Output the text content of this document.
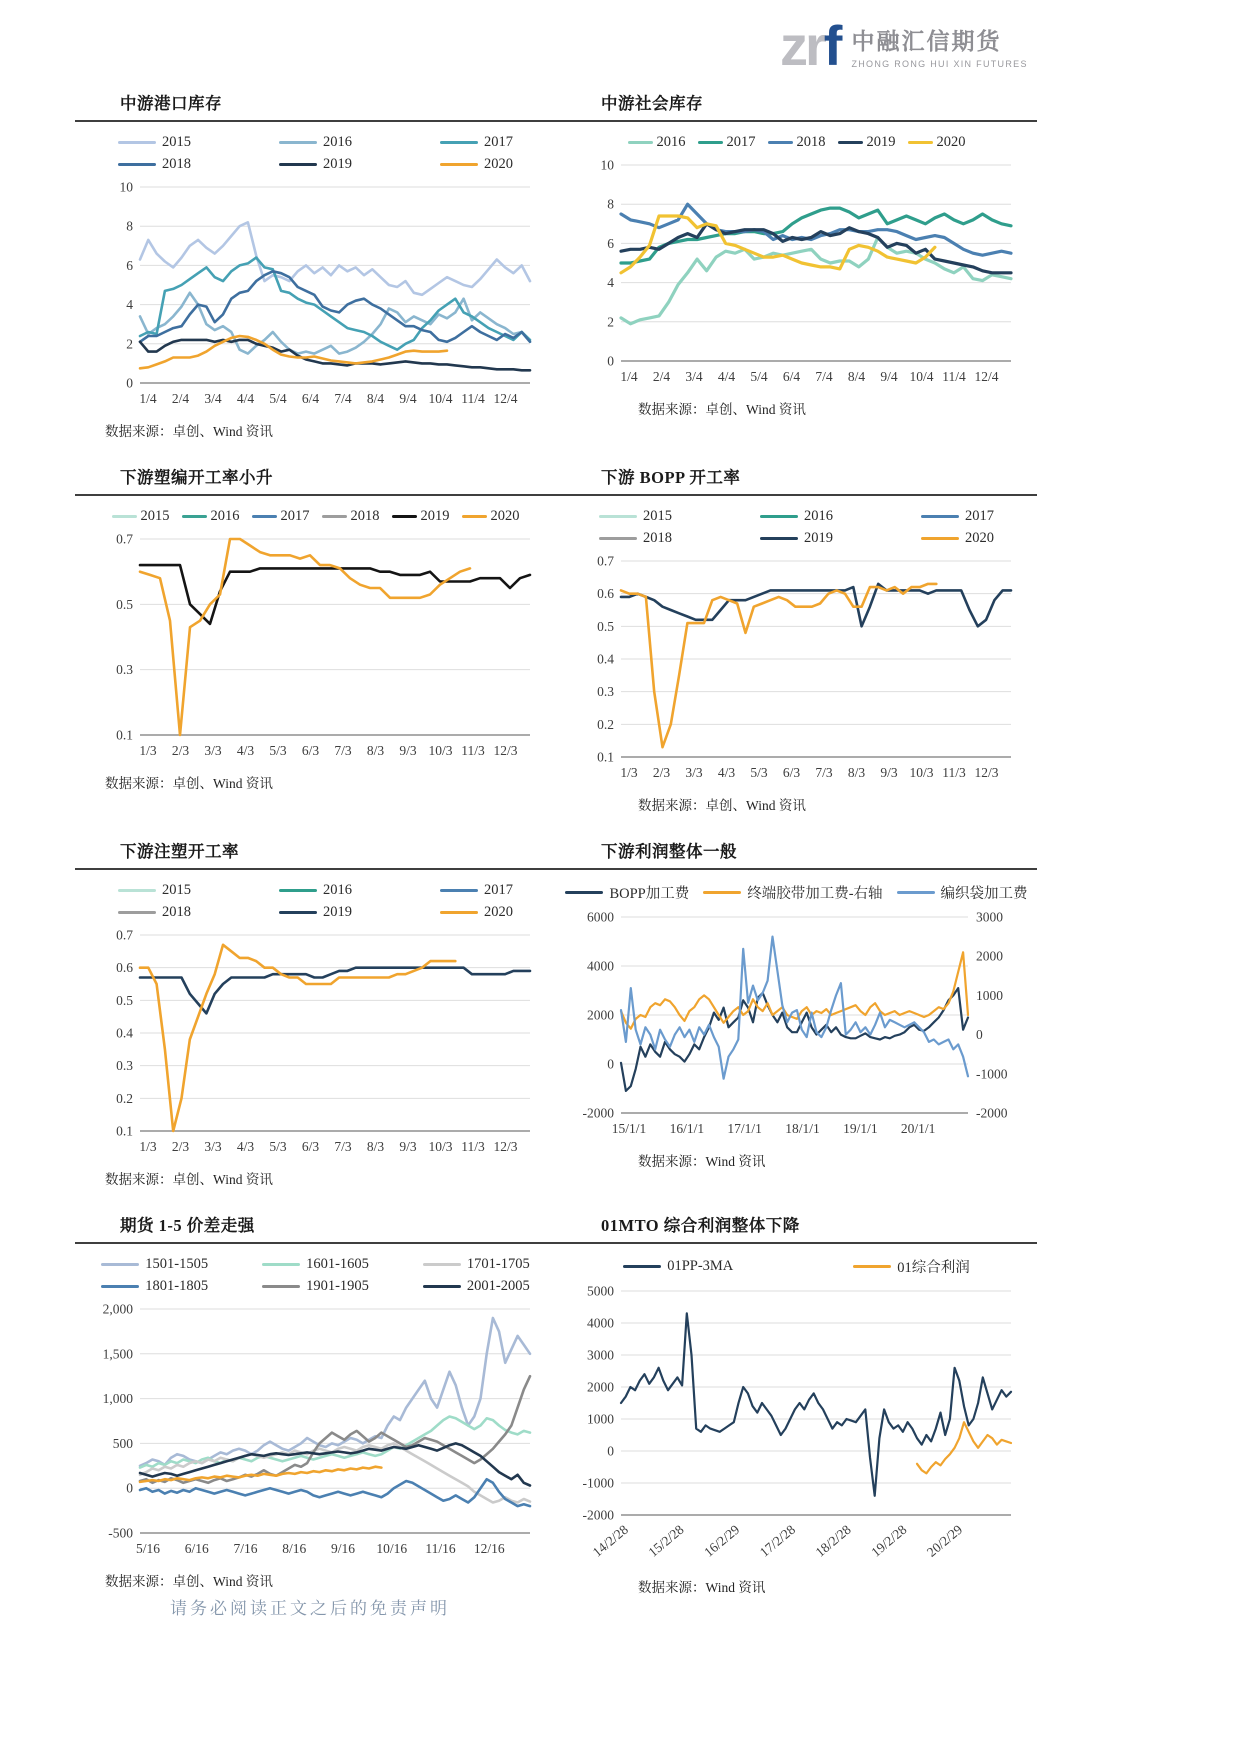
zrf 中融汇信期货
ZHONG RONG HUI XIN FUTURES
中游港口库存
2015	2016	2017
2018	2019	2020
0
2
4
6
8
10
1/4 2/4 3/4 4/4 5/4 6/4 7/4 8/4 9/4 10/4 11/4 12/4
数据来源：卓创、Wind 资讯
中游社会库存
2016	2017	2018	2019	2020
0
2
4
6
8
10
1/4 2/4 3/4 4/4 5/4 6/4 7/4 8/4 9/4 10/4 11/4 12/4
数据来源：卓创、Wind 资讯
下游塑编开工率小升
2015	2016	2017	2018	2019	2020
0.1
0.3
0.5
0.7
1/3 2/3 3/3 4/3 5/3 6/3 7/3 8/3 9/3 10/3 11/3 12/3
数据来源：卓创、Wind 资讯
下游 BOPP 开工率
2015	2016	2017
2018	2019	2020
0.1
0.2
0.3
0.4
0.5
0.6
0.7
1/3 2/3 3/3 4/3 5/3 6/3 7/3 8/3 9/3 10/3 11/3 12/3
数据来源：卓创、Wind 资讯
下游注塑开工率
2015	2016	2017
2018	2019	2020
0.1
0.2
0.3
0.4
0.5
0.6
0.7
1/3 2/3 3/3 4/3 5/3 6/3 7/3 8/3 9/3 10/3 11/3 12/3
数据来源：卓创、Wind 资讯
下游利润整体一般
BOPP加工费	终端胶带加工费-右轴	编织袋加工费
-2000
0
2000
4000
6000
-2000
-1000
0
1000
2000
3000
15/1/1 16/1/1 17/1/1 18/1/1 19/1/1 20/1/1
数据来源：Wind 资讯
期货 1-5 价差走强
1501-1505	1601-1605	1701-1705
1801-1805	1901-1905	2001-2005
-500
0
500
1,000
1,500
2,000
5/16 6/16 7/16 8/16 9/16 10/16 11/16 12/16
数据来源：卓创、Wind 资讯
01MTO 综合利润整体下降
01PP-3MA	01综合利润
-2000
-1000
0
1000
2000
3000
4000
5000
14/2/28 15/2/28 16/2/29 17/2/28 18/2/28 19/2/28 20/2/29
数据来源：Wind 资讯
请务必阅读正文之后的免责声明
